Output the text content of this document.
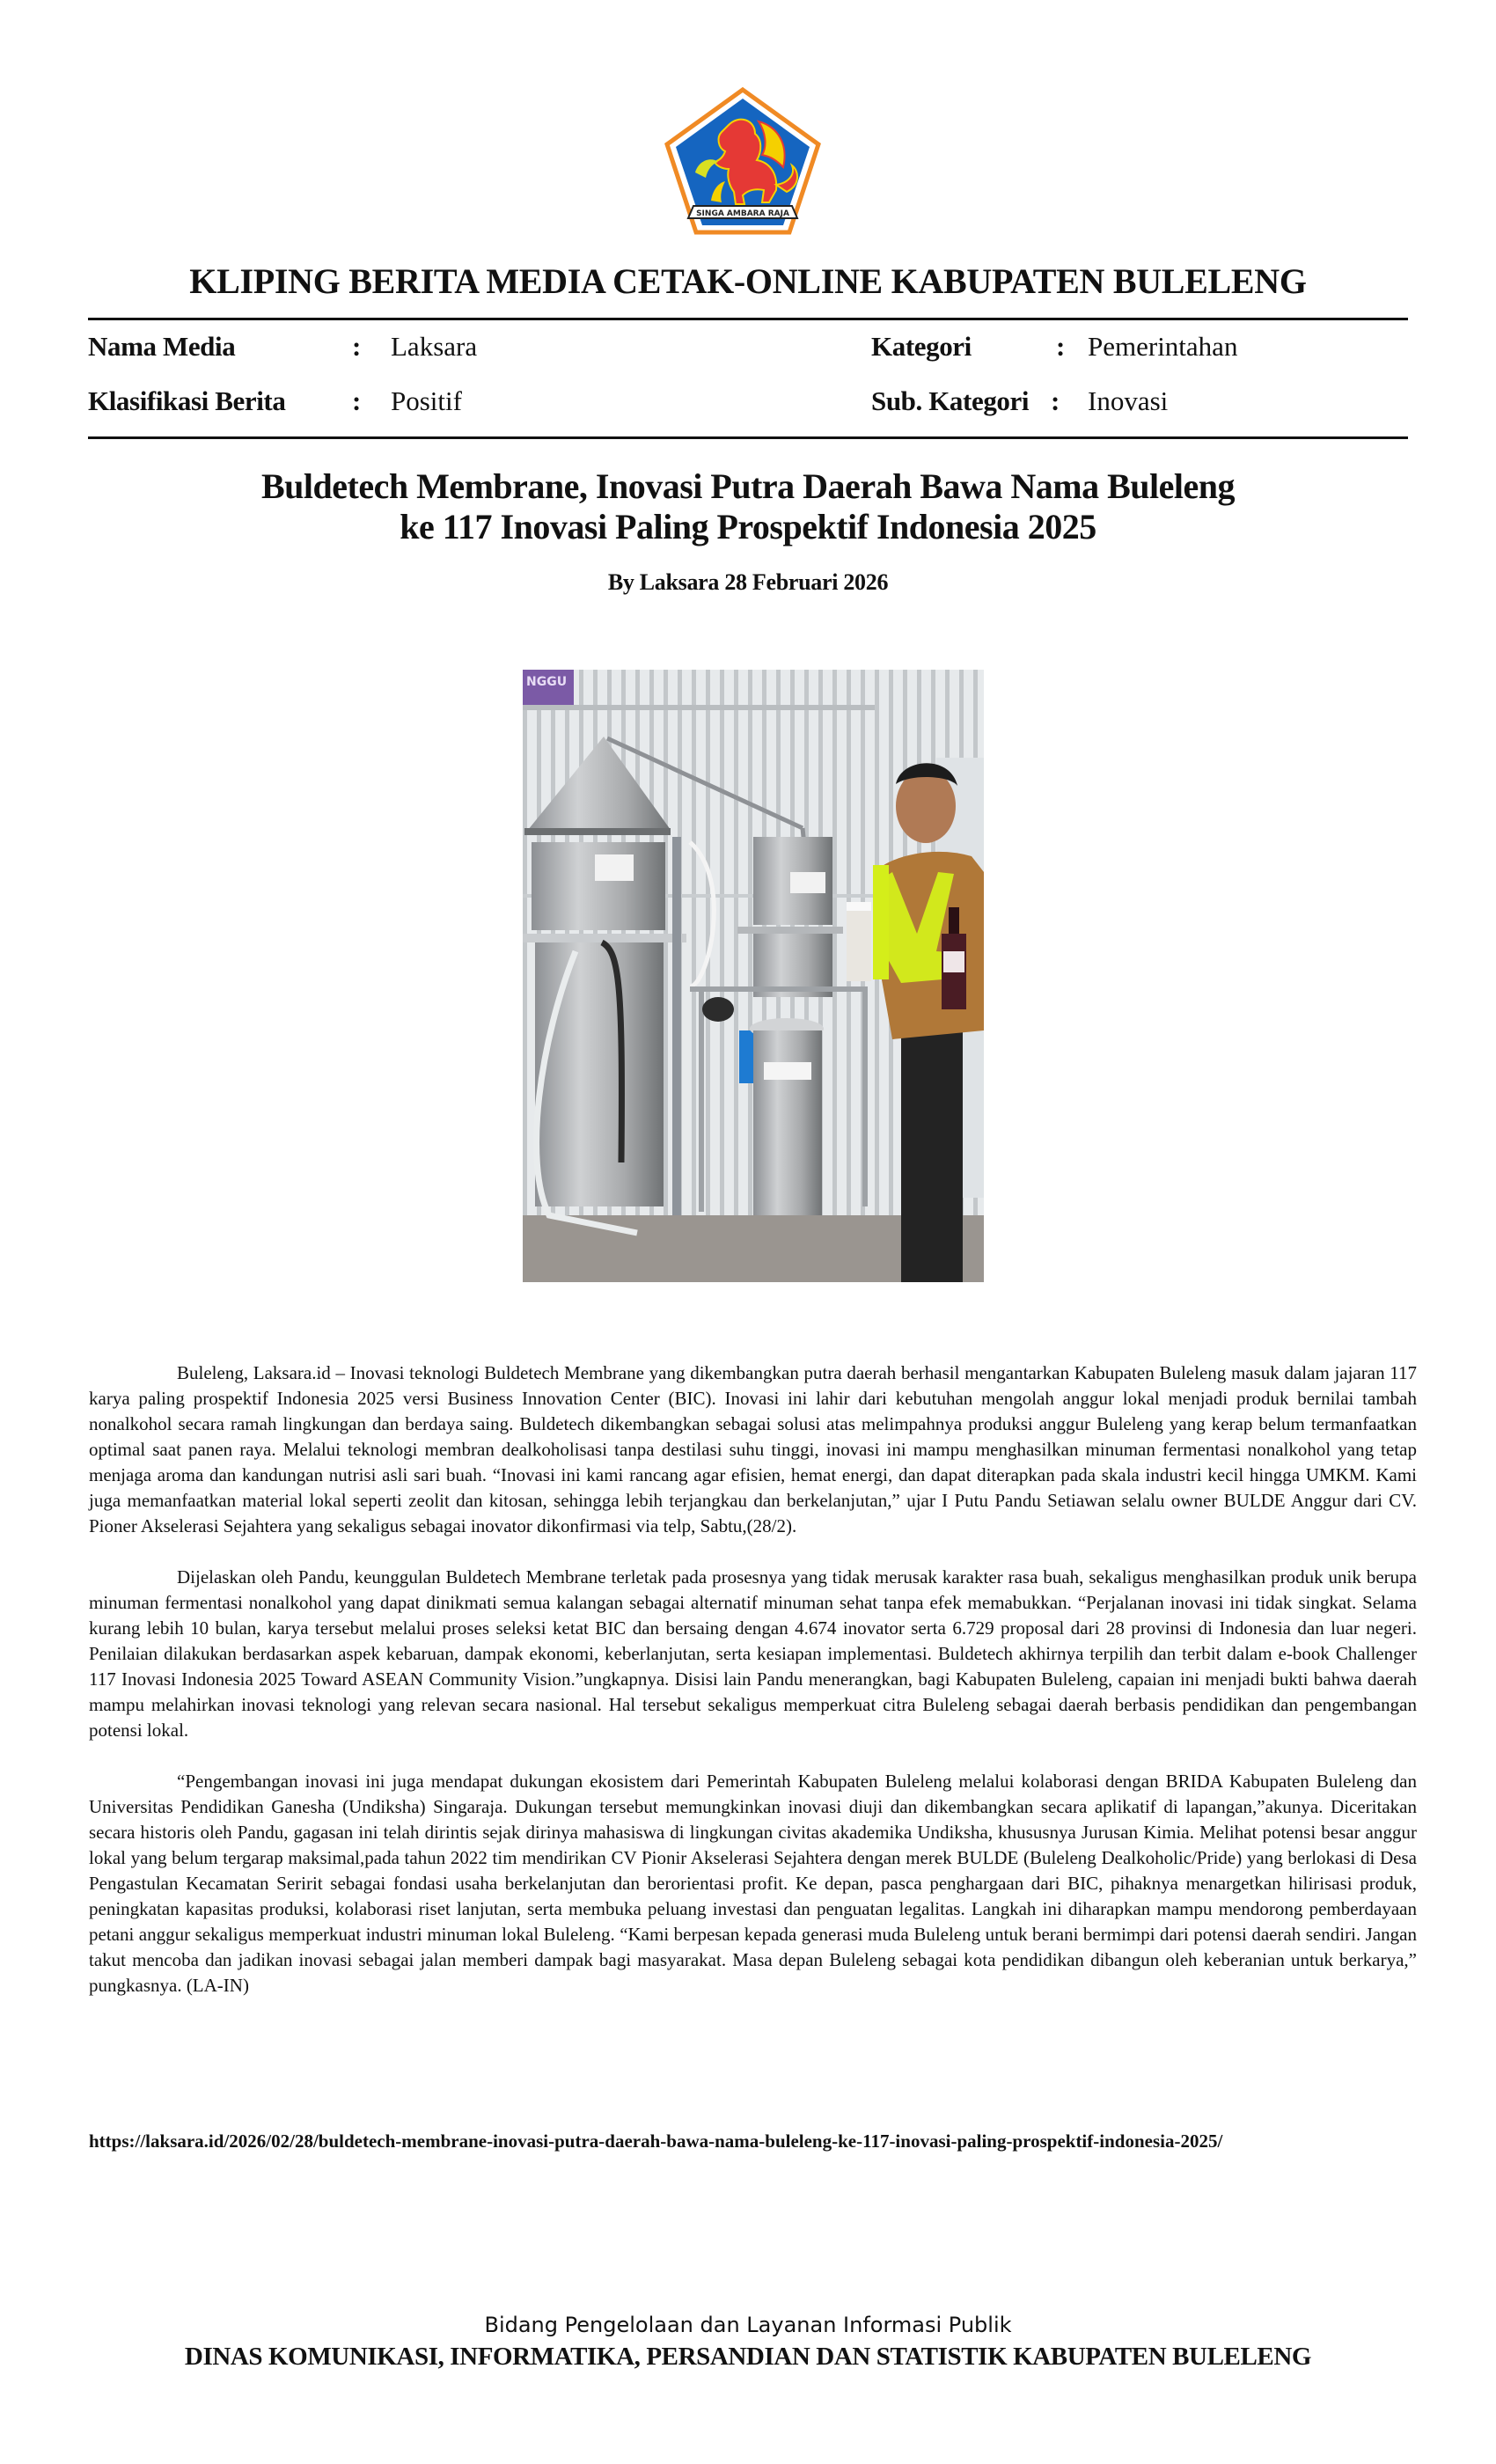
SINGA AMBARA RAJA
KLIPING BERITA MEDIA CETAK-ONLINE KABUPATEN BULELENG
Nama Media	: Laksara
Klasifikasi Berita : Positif
Kategori	: Pemerintahan
Sub. Kategori : Inovasi
Buldetech Membrane, Inovasi Putra Daerah Bawa Nama Buleleng
ke 117 Inovasi Paling Prospektif Indonesia 2025
By Laksara 28 Februari 2026
NGGU

Buleleng, Laksara.id – Inovasi teknologi Buldetech Membrane yang dikembangkan putra daerah berhasil mengantarkan Kabupaten Buleleng masuk dalam jajaran 117 karya paling prospektif Indonesia 2025 versi Business Innovation Center (BIC). Inovasi ini lahir dari kebutuhan mengolah anggur lokal menjadi produk bernilai tambah nonalkohol secara ramah lingkungan dan berdaya saing. Buldetech dikembangkan sebagai solusi atas melimpahnya produksi anggur Buleleng yang kerap belum termanfaatkan optimal saat panen raya. Melalui teknologi membran dealkoholisasi tanpa destilasi suhu tinggi, inovasi ini mampu menghasilkan minuman fermentasi nonalkohol yang tetap menjaga aroma dan kandungan nutrisi asli sari buah. “Inovasi ini kami rancang agar efisien, hemat energi, dan dapat diterapkan pada skala industri kecil hingga UMKM. Kami juga memanfaatkan material lokal seperti zeolit dan kitosan, sehingga lebih terjangkau dan berkelanjutan,” ujar I Putu Pandu Setiawan selalu owner BULDE Anggur dari CV. Pioner Akselerasi Sejahtera yang sekaligus sebagai inovator dikonfirmasi via telp, Sabtu,(28/2).

Dijelaskan oleh Pandu, keunggulan Buldetech Membrane terletak pada prosesnya yang tidak merusak karakter rasa buah, sekaligus menghasilkan produk unik berupa minuman fermentasi nonalkohol yang dapat dinikmati semua kalangan sebagai alternatif minuman sehat tanpa efek memabukkan. “Perjalanan inovasi ini tidak singkat. Selama kurang lebih 10 bulan, karya tersebut melalui proses seleksi ketat BIC dan bersaing dengan 4.674 inovator serta 6.729 proposal dari 28 provinsi di Indonesia dan luar negeri. Penilaian dilakukan berdasarkan aspek kebaruan, dampak ekonomi, keberlanjutan, serta kesiapan implementasi. Buldetech akhirnya terpilih dan terbit dalam e-book Challenger 117 Inovasi Indonesia 2025 Toward ASEAN Community Vision.”ungkapnya. Disisi lain Pandu menerangkan, bagi Kabupaten Buleleng, capaian ini menjadi bukti bahwa daerah mampu melahirkan inovasi teknologi yang relevan secara nasional. Hal tersebut sekaligus memperkuat citra Buleleng sebagai daerah berbasis pendidikan dan pengembangan potensi lokal.

“Pengembangan inovasi ini juga mendapat dukungan ekosistem dari Pemerintah Kabupaten Buleleng melalui kolaborasi dengan BRIDA Kabupaten Buleleng dan Universitas Pendidikan Ganesha (Undiksha) Singaraja. Dukungan tersebut memungkinkan inovasi diuji dan dikembangkan secara aplikatif di lapangan,”akunya. Diceritakan secara historis oleh Pandu, gagasan ini telah dirintis sejak dirinya mahasiswa di lingkungan civitas akademika Undiksha, khususnya Jurusan Kimia. Melihat potensi besar anggur lokal yang belum tergarap maksimal,pada tahun 2022 tim mendirikan CV Pionir Akselerasi Sejahtera dengan merek BULDE (Buleleng Dealkoholic/Pride) yang berlokasi di Desa Pengastulan Kecamatan Seririt sebagai fondasi usaha berkelanjutan dan berorientasi profit. Ke depan, pasca penghargaan dari BIC, pihaknya menargetkan hilirisasi produk, peningkatan kapasitas produksi, kolaborasi riset lanjutan, serta membuka peluang investasi dan penguatan legalitas. Langkah ini diharapkan mampu mendorong pemberdayaan petani anggur sekaligus memperkuat industri minuman lokal Buleleng. “Kami berpesan kepada generasi muda Buleleng untuk berani bermimpi dari potensi daerah sendiri. Jangan takut mencoba dan jadikan inovasi sebagai jalan memberi dampak bagi masyarakat. Masa depan Buleleng sebagai kota pendidikan dibangun oleh keberanian untuk berkarya,” pungkasnya. (LA-IN)

https://laksara.id/2026/02/28/buldetech-membrane-inovasi-putra-daerah-bawa-nama-buleleng-ke-117-inovasi-paling-prospektif-indonesia-2025/
Bidang Pengelolaan dan Layanan Informasi Publik
DINAS KOMUNIKASI, INFORMATIKA, PERSANDIAN DAN STATISTIK KABUPATEN BULELENG
